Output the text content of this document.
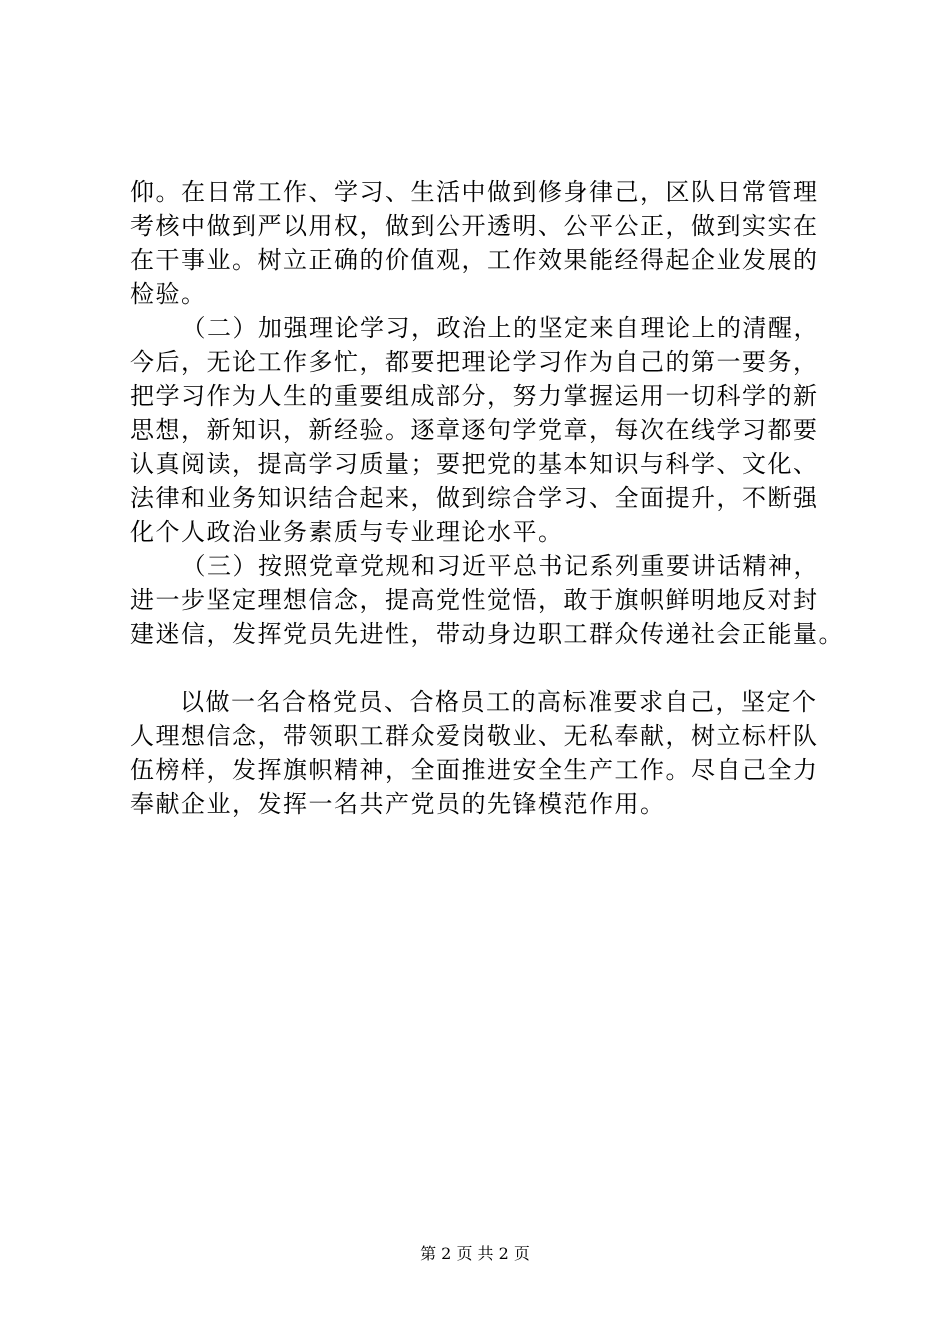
仰。在日常工作、学习、生活中做到修身律己，区队日常管理
考核中做到严以用权，做到公开透明、公平公正，做到实实在
在干事业。树立正确的价值观，工作效果能经得起企业发展的
检验。
　（二）加强理论学习，政治上的坚定来自理论上的清醒，
今后，无论工作多忙，都要把理论学习作为自己的第一要务，
把学习作为人生的重要组成部分，努力掌握运用一切科学的新
思想，新知识，新经验。逐章逐句学党章，每次在线学习都要
认真阅读，提高学习质量；要把党的基本知识与科学、文化、
法律和业务知识结合起来，做到综合学习、全面提升，不断强
化个人政治业务素质与专业理论水平。
　（三）按照党章党规和习近平总书记系列重要讲话精神，
进一步坚定理想信念，提高党性觉悟，敢于旗帜鲜明地反对封
建迷信，发挥党员先进性，带动身边职工群众传递社会正能量。
以做一名合格党员、合格员工的高标准要求自己，坚定个
人理想信念，带领职工群众爱岗敬业、无私奉献，树立标杆队
伍榜样，发挥旗帜精神，全面推进安全生产工作。尽自己全力
奉献企业，发挥一名共产党员的先锋模范作用。
第 2 页 共 2 页
